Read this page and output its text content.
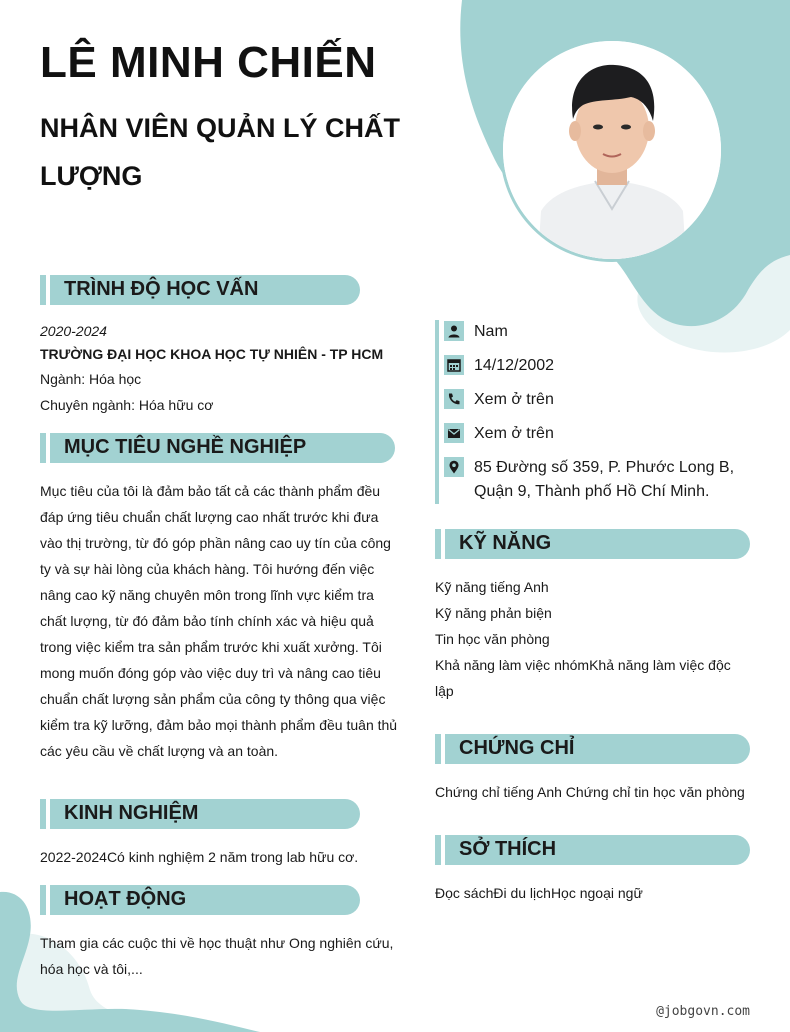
LÊ MINH CHIẾN
NHÂN VIÊN QUẢN LÝ CHẤT LƯỢNG
TRÌNH ĐỘ HỌC VẤN
2020-2024
TRƯỜNG ĐẠI HỌC KHOA HỌC TỰ NHIÊN - TP HCM
Ngành: Hóa học
Chuyên ngành: Hóa hữu cơ
MỤC TIÊU NGHỀ NGHIỆP
Mục tiêu của tôi là đảm bảo tất cả các thành phẩm đều
đáp ứng tiêu chuẩn chất lượng cao nhất trước khi đưa
vào thị trường, từ đó góp phần nâng cao uy tín của công
ty và sự hài lòng của khách hàng. Tôi hướng đến việc
nâng cao kỹ năng chuyên môn trong lĩnh vực kiểm tra
chất lượng, từ đó đảm bảo tính chính xác và hiệu quả
trong việc kiểm tra sản phẩm trước khi xuất xưởng. Tôi
mong muốn đóng góp vào việc duy trì và nâng cao tiêu
chuẩn chất lượng sản phẩm của công ty thông qua việc
kiểm tra kỹ lưỡng, đảm bảo mọi thành phẩm đều tuân thủ
các yêu cầu về chất lượng và an toàn.
KINH NGHIỆM
2022-2024Có kinh nghiệm 2 năm trong lab hữu cơ.
HOẠT ĐỘNG
Tham gia các cuộc thi về học thuật như Ong nghiên cứu,
hóa học và tôi,...
Nam
14/12/2002
Xem ở trên
Xem ở trên
85 Đường số 359, P. Phước Long B,
Quận 9, Thành phố Hồ Chí Minh.
KỸ NĂNG
Kỹ năng tiếng Anh
Kỹ năng phản biện
Tin học văn phòng
Khả năng làm việc nhómKhả năng làm việc độc
lập
CHỨNG CHỈ
Chứng chỉ tiếng Anh Chứng chỉ tin học văn phòng
SỞ THÍCH
Đọc sáchĐi du lịchHọc ngoại ngữ
@jobgovn.com
